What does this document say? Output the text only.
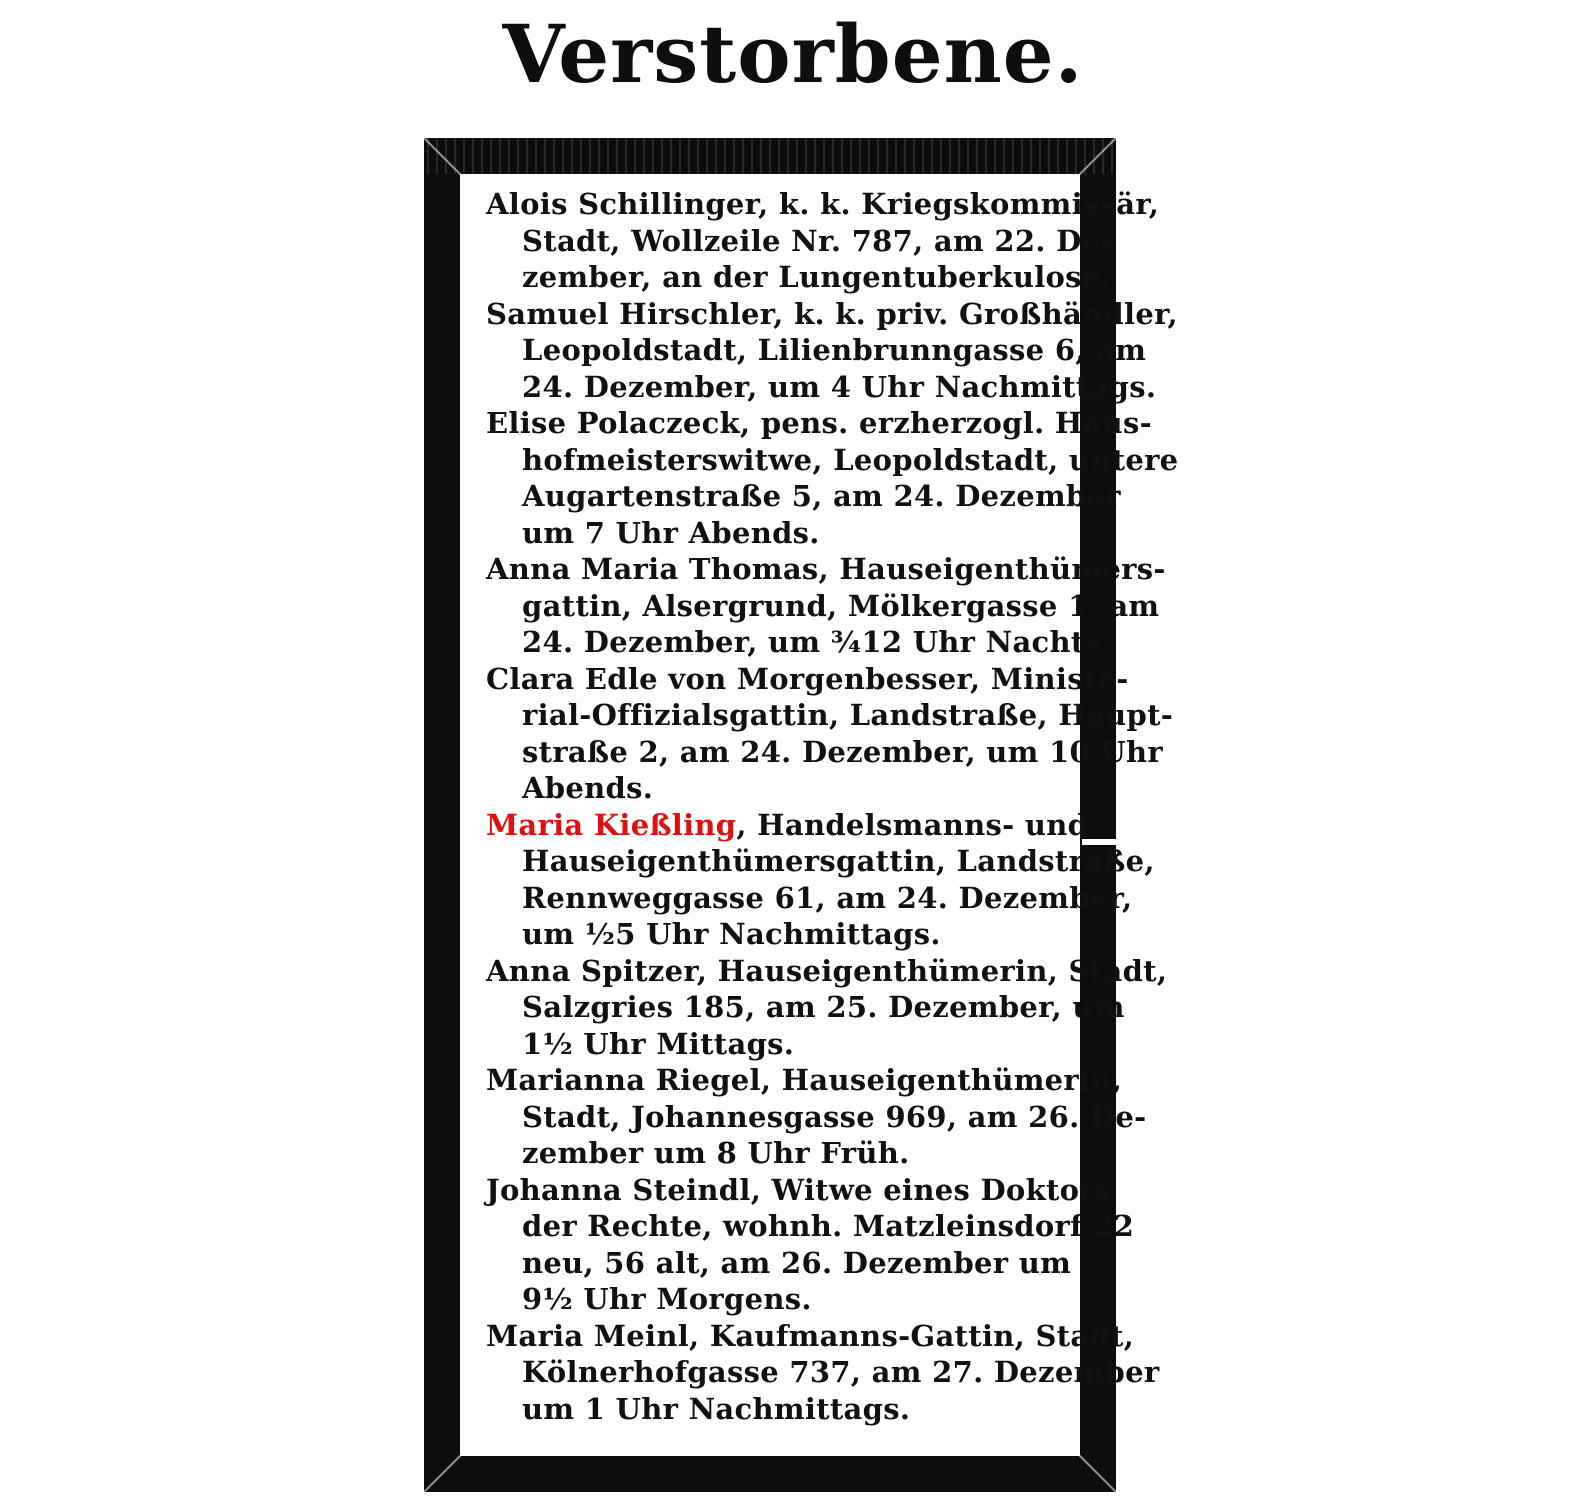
Verstorbene.

Alois Schillinger, k. k. Kriegskommissär,
Stadt, Wollzeile Nr. 787, am 22. De-
zember, an der Lungentuberkulose.

Samuel Hirschler, k. k. priv. Großhändler,
Leopoldstadt, Lilienbrunngasse 6, am
24. Dezember, um 4 Uhr Nachmittags.

Elise Polaczeck, pens. erzherzogl. Haus-
hofmeisterswitwe, Leopoldstadt, untere
Augartenstraße 5, am 24. Dezember
um 7 Uhr Abends.

Anna Maria Thomas, Hauseigenthümers-
gattin, Alsergrund, Mölkergasse 1, am
24. Dezember, um ¾12 Uhr Nachts.

Clara Edle von Morgenbesser, Ministe-
rial-Offizialsgattin, Landstraße, Haupt-
straße 2, am 24. Dezember, um 10 Uhr
Abends.

Maria Kießling, Handelsmanns- und
Hauseigenthümersgattin, Landstraße,
Rennweggasse 61, am 24. Dezember,
um ½5 Uhr Nachmittags.

Anna Spitzer, Hauseigenthümerin, Stadt,
Salzgries 185, am 25. Dezember, um
1½ Uhr Mittags.

Marianna Riegel, Hauseigenthümerin,
Stadt, Johannesgasse 969, am 26. De-
zember um 8 Uhr Früh.

Johanna Steindl, Witwe eines Doktors
der Rechte, wohnh. Matzleinsdorf 22
neu, 56 alt, am 26. Dezember um
9½ Uhr Morgens.

Maria Meinl, Kaufmanns-Gattin, Stadt,
Kölnerhofgasse 737, am 27. Dezember
um 1 Uhr Nachmittags.
